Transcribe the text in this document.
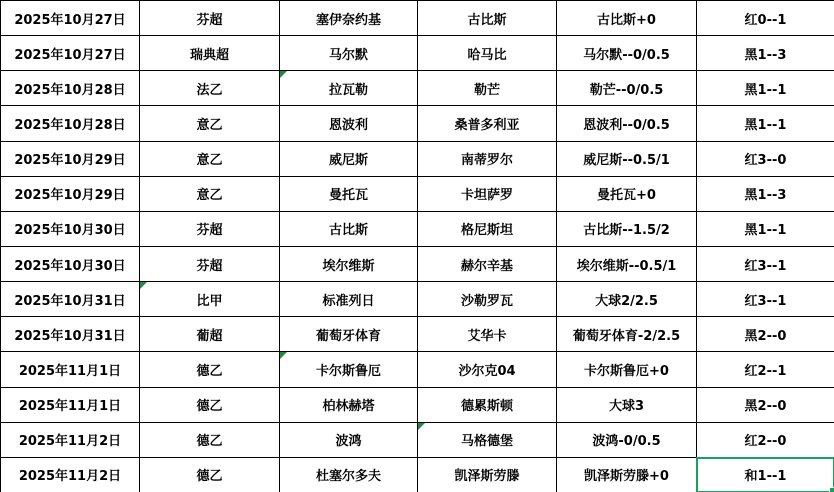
2025年10月27日	芬超	塞伊奈约基	古比斯	古比斯+0	红0--1
2025年10月27日	瑞典超	马尔默	哈马比	马尔默--0/0.5	黑1--3
2025年10月28日	法乙	拉瓦勒	勒芒	勒芒--0/0.5	黑1--1
2025年10月28日	意乙	恩波利	桑普多利亚	恩波利--0/0.5	黑1--1
2025年10月29日	意乙	威尼斯	南蒂罗尔	威尼斯--0.5/1	红3--0
2025年10月29日	意乙	曼托瓦	卡坦萨罗	曼托瓦+0	黑1--3
2025年10月30日	芬超	古比斯	格尼斯坦	古比斯--1.5/2	黑1--1
2025年10月30日	芬超	埃尔维斯	赫尔辛基	埃尔维斯--0.5/1	红3--1
2025年10月31日	比甲	标准列日	沙勒罗瓦	大球2/2.5	红3--1
2025年10月31日	葡超	葡萄牙体育	艾华卡	葡萄牙体育-2/2.5	黑2--0
2025年11月1日	德乙	卡尔斯鲁厄	沙尔克04	卡尔斯鲁厄+0	红2--1
2025年11月1日	德乙	柏林赫塔	德累斯顿	大球3	黑2--0
2025年11月2日	德乙	波鸿	马格德堡	波鸿-0/0.5	红2--0
2025年11月2日	德乙	杜塞尔多夫	凯泽斯劳滕	凯泽斯劳滕+0	和1--1
